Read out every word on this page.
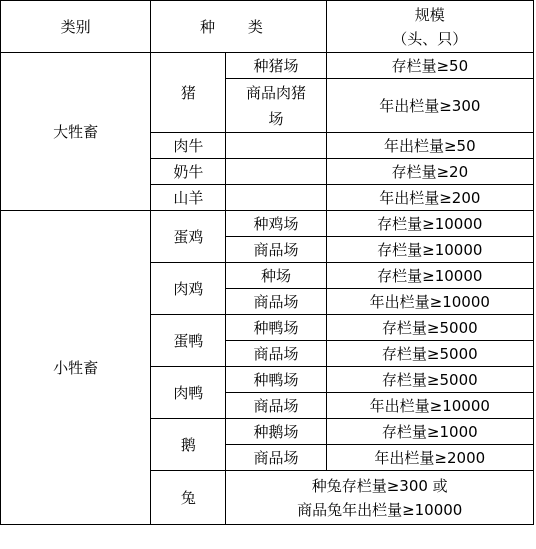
类别	种 类		规模
（头、只）

大牲畜	猪	种猪场	存栏量≥50

		商品肉猪场	年出栏量≥300
	肉牛		年出栏量≥50
	奶牛		存栏量≥20
	山羊		年出栏量≥200
小牲畜	蛋鸡	种鸡场	存栏量≥10000
		商品场	存栏量≥10000
	肉鸡	种场	存栏量≥10000
		商品场	年出栏量≥10000
	蛋鸭	种鸭场	存栏量≥5000
		商品场	存栏量≥5000
	肉鸭	种鸭场	存栏量≥5000
		商品场	年出栏量≥10000
	鹅	种鹅场	存栏量≥1000
		商品场	年出栏量≥2000
	兔	种兔存栏量≥300 或
商品兔年出栏量≥10000	
